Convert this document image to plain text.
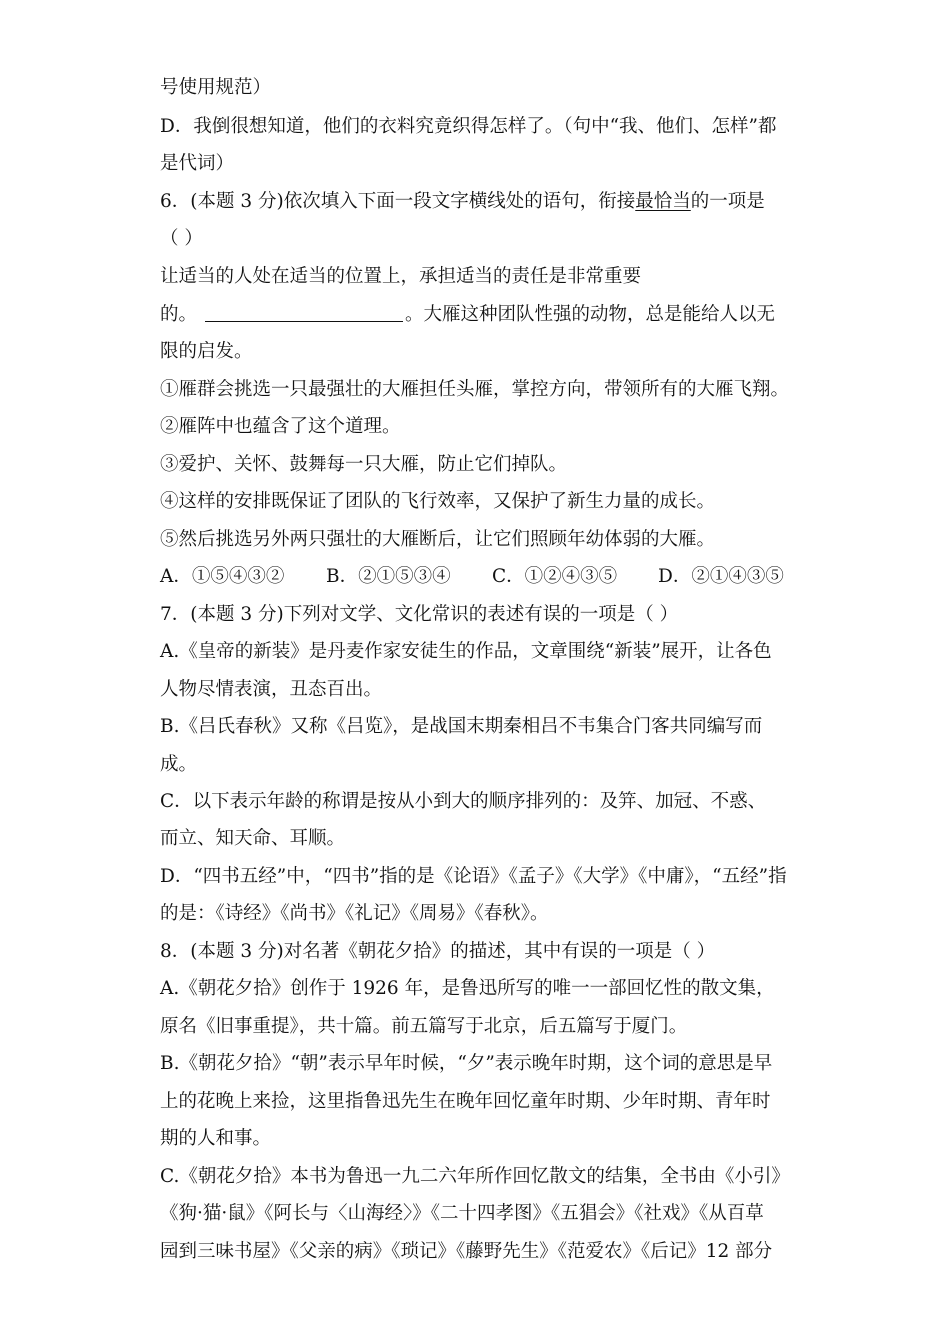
号使用规范）
D．我倒很想知道，他们的衣料究竟织得怎样了。（句中“我、他们、怎样”都
是代词）
6．(本题 3 分)依次填入下面一段文字横线处的语句，衔接最恰当的一项是
（ ）
让适当的人处在适当的位置上，承担适当的责任是非常重要
的。	。大雁这种团队性强的动物，总是能给人以无
限的启发。
①雁群会挑选一只最强壮的大雁担任头雁，掌控方向，带领所有的大雁飞翔。
②雁阵中也蕴含了这个道理。
③爱护、关怀、鼓舞每一只大雁，防止它们掉队。
④这样的安排既保证了团队的飞行效率，又保护了新生力量的成长。
⑤然后挑选另外两只强壮的大雁断后，让它们照顾年幼体弱的大雁。
A．①⑤④③② B．②①⑤③④ C．①②④③⑤ D．②①④③⑤
7．(本题 3 分)下列对文学、文化常识的表述有误的一项是（ ）
A.《皇帝的新装》是丹麦作家安徒生的作品，文章围绕“新装”展开，让各色
人物尽情表演，丑态百出。
B.《吕氏春秋》又称《吕览》，是战国末期秦相吕不韦集合门客共同编写而
成。
C．以下表示年龄的称谓是按从小到大的顺序排列的：及笄、加冠、不惑、
而立、知天命、耳顺。
D．“四书五经”中，“四书”指的是《论语》《孟子》《大学》《中庸》，“五经”指
的是：《诗经》《尚书》《礼记》《周易》《春秋》。
8．(本题 3 分)对名著《朝花夕拾》的描述，其中有误的一项是（ ）
A.《朝花夕拾》创作于 1926 年，是鲁迅所写的唯一一部回忆性的散文集，
原名《旧事重提》，共十篇。前五篇写于北京，后五篇写于厦门。
B.《朝花夕拾》“朝”表示早年时候，“夕”表示晚年时期，这个词的意思是早
上的花晚上来捡，这里指鲁迅先生在晚年回忆童年时期、少年时期、青年时
期的人和事。
C.《朝花夕拾》本书为鲁迅一九二六年所作回忆散文的结集，全书由《小引》
《狗·猫·鼠》《阿长与〈山海经〉》《二十四孝图》《五猖会》《社戏》《从百草
园到三味书屋》《父亲的病》《琐记》《藤野先生》《范爱农》《后记》12 部分
